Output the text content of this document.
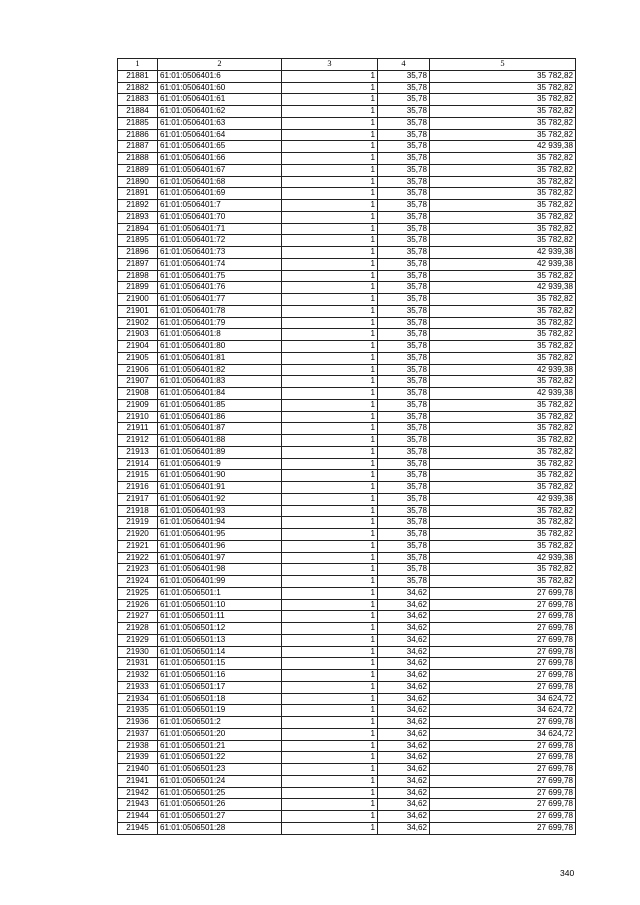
1	2	3	4	5
21881	61:01:0506401:6	1	35,78	35 782,82
21882	61:01:0506401:60	1	35,78	35 782,82
21883	61:01:0506401:61	1	35,78	35 782,82
21884	61:01:0506401:62	1	35,78	35 782,82
21885	61:01:0506401:63	1	35,78	35 782,82
21886	61:01:0506401:64	1	35,78	35 782,82
21887	61:01:0506401:65	1	35,78	42 939,38
21888	61:01:0506401:66	1	35,78	35 782,82
21889	61:01:0506401:67	1	35,78	35 782,82
21890	61:01:0506401:68	1	35,78	35 782,82
21891	61:01:0506401:69	1	35,78	35 782,82
21892	61:01:0506401:7	1	35,78	35 782,82
21893	61:01:0506401:70	1	35,78	35 782,82
21894	61:01:0506401:71	1	35,78	35 782,82
21895	61:01:0506401:72	1	35,78	35 782,82
21896	61:01:0506401:73	1	35,78	42 939,38
21897	61:01:0506401:74	1	35,78	42 939,38
21898	61:01:0506401:75	1	35,78	35 782,82
21899	61:01:0506401:76	1	35,78	42 939,38
21900	61:01:0506401:77	1	35,78	35 782,82
21901	61:01:0506401:78	1	35,78	35 782,82
21902	61:01:0506401:79	1	35,78	35 782,82
21903	61:01:0506401:8	1	35,78	35 782,82
21904	61:01:0506401:80	1	35,78	35 782,82
21905	61:01:0506401:81	1	35,78	35 782,82
21906	61:01:0506401:82	1	35,78	42 939,38
21907	61:01:0506401:83	1	35,78	35 782,82
21908	61:01:0506401:84	1	35,78	42 939,38
21909	61:01:0506401:85	1	35,78	35 782,82
21910	61:01:0506401:86	1	35,78	35 782,82
21911	61:01:0506401:87	1	35,78	35 782,82
21912	61:01:0506401:88	1	35,78	35 782,82
21913	61:01:0506401:89	1	35,78	35 782,82
21914	61:01:0506401:9	1	35,78	35 782,82
21915	61:01:0506401:90	1	35,78	35 782,82
21916	61:01:0506401:91	1	35,78	35 782,82
21917	61:01:0506401:92	1	35,78	42 939,38
21918	61:01:0506401:93	1	35,78	35 782,82
21919	61:01:0506401:94	1	35,78	35 782,82
21920	61:01:0506401:95	1	35,78	35 782,82
21921	61:01:0506401:96	1	35,78	35 782,82
21922	61:01:0506401:97	1	35,78	42 939,38
21923	61:01:0506401:98	1	35,78	35 782,82
21924	61:01:0506401:99	1	35,78	35 782,82
21925	61:01:0506501:1	1	34,62	27 699,78
21926	61:01:0506501:10	1	34,62	27 699,78
21927	61:01:0506501:11	1	34,62	27 699,78
21928	61:01:0506501:12	1	34,62	27 699,78
21929	61:01:0506501:13	1	34,62	27 699,78
21930	61:01:0506501:14	1	34,62	27 699,78
21931	61:01:0506501:15	1	34,62	27 699,78
21932	61:01:0506501:16	1	34,62	27 699,78
21933	61:01:0506501:17	1	34,62	27 699,78
21934	61:01:0506501:18	1	34,62	34 624,72
21935	61:01:0506501:19	1	34,62	34 624,72
21936	61:01:0506501:2	1	34,62	27 699,78
21937	61:01:0506501:20	1	34,62	34 624,72
21938	61:01:0506501:21	1	34,62	27 699,78
21939	61:01:0506501:22	1	34,62	27 699,78
21940	61:01:0506501:23	1	34,62	27 699,78
21941	61:01:0506501:24	1	34,62	27 699,78
21942	61:01:0506501:25	1	34,62	27 699,78
21943	61:01:0506501:26	1	34,62	27 699,78
21944	61:01:0506501:27	1	34,62	27 699,78
21945	61:01:0506501:28	1	34,62	27 699,78
340
